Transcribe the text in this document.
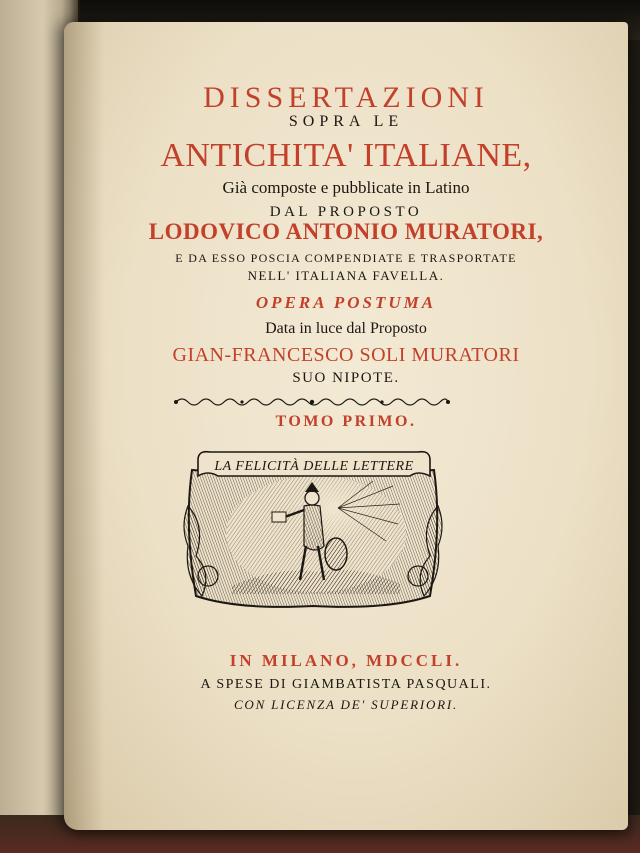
DISSERTAZIONI
SOPRA LE
ANTICHITA' ITALIANE,
Già composte e pubblicate in Latino
DAL PROPOSTO
LODOVICO ANTONIO MURATORI,
E DA ESSO POSCIA COMPENDIATE E TRASPORTATE
NELL' ITALIANA FAVELLA.
OPERA POSTUMA
Data in luce dal Proposto
GIAN-FRANCESCO SOLI MURATORI
SUO NIPOTE.
TOMO PRIMO.
LA FELICITÀ DELLE LETTERE
IN MILANO, MDCCLI.
A SPESE DI GIAMBATISTA PASQUALI.
CON LICENZA DE' SUPERIORI.
